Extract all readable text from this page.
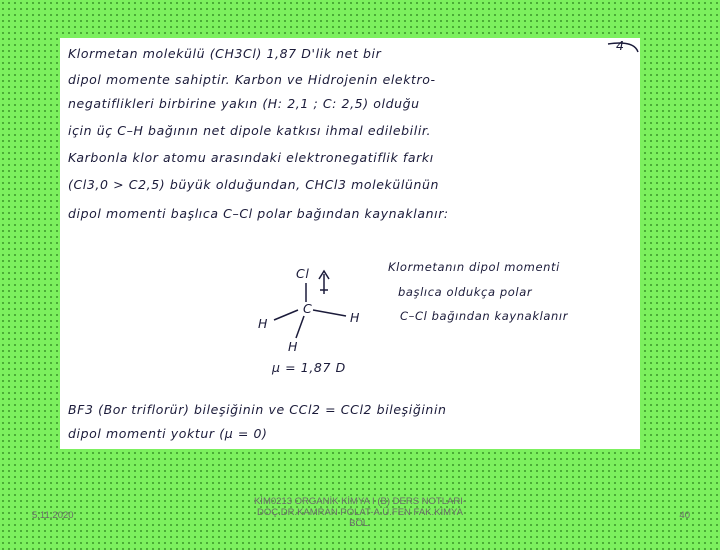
4
Klormetan molekülü (CH3Cl) 1,87 D'lik net bir
dipol momente sahiptir. Karbon ve Hidrojenin elektro-
negatiflikleri birbirine yakın (H: 2,1 ; C: 2,5) olduğu
için üç C–H bağının net dipole katkısı ihmal edilebilir.
Karbonla klor atomu arasındaki elektronegatiflik farkı
(Cl3,0 > C2,5) büyük olduğundan, CHCl3 molekülünün
dipol momenti başlıca C–Cl polar bağından kaynaklanır:
Cl
C
H	H
H
μ = 1,87 D
Klormetanın dipol momenti
başlıca oldukça polar
C–Cl bağından kaynaklanır
BF3 (Bor triflorür) bileşiğinin ve CCl2 = CCl2 bileşiğinin
dipol momenti yoktur (μ = 0)
5.11.2020
KİM0213 ORGANİK KİMYA I (B) DERS NOTLARI-DOÇ.DR.KAMRAN POLAT-A.Ü.FEN FAK.KİMYA BÖL.
40
